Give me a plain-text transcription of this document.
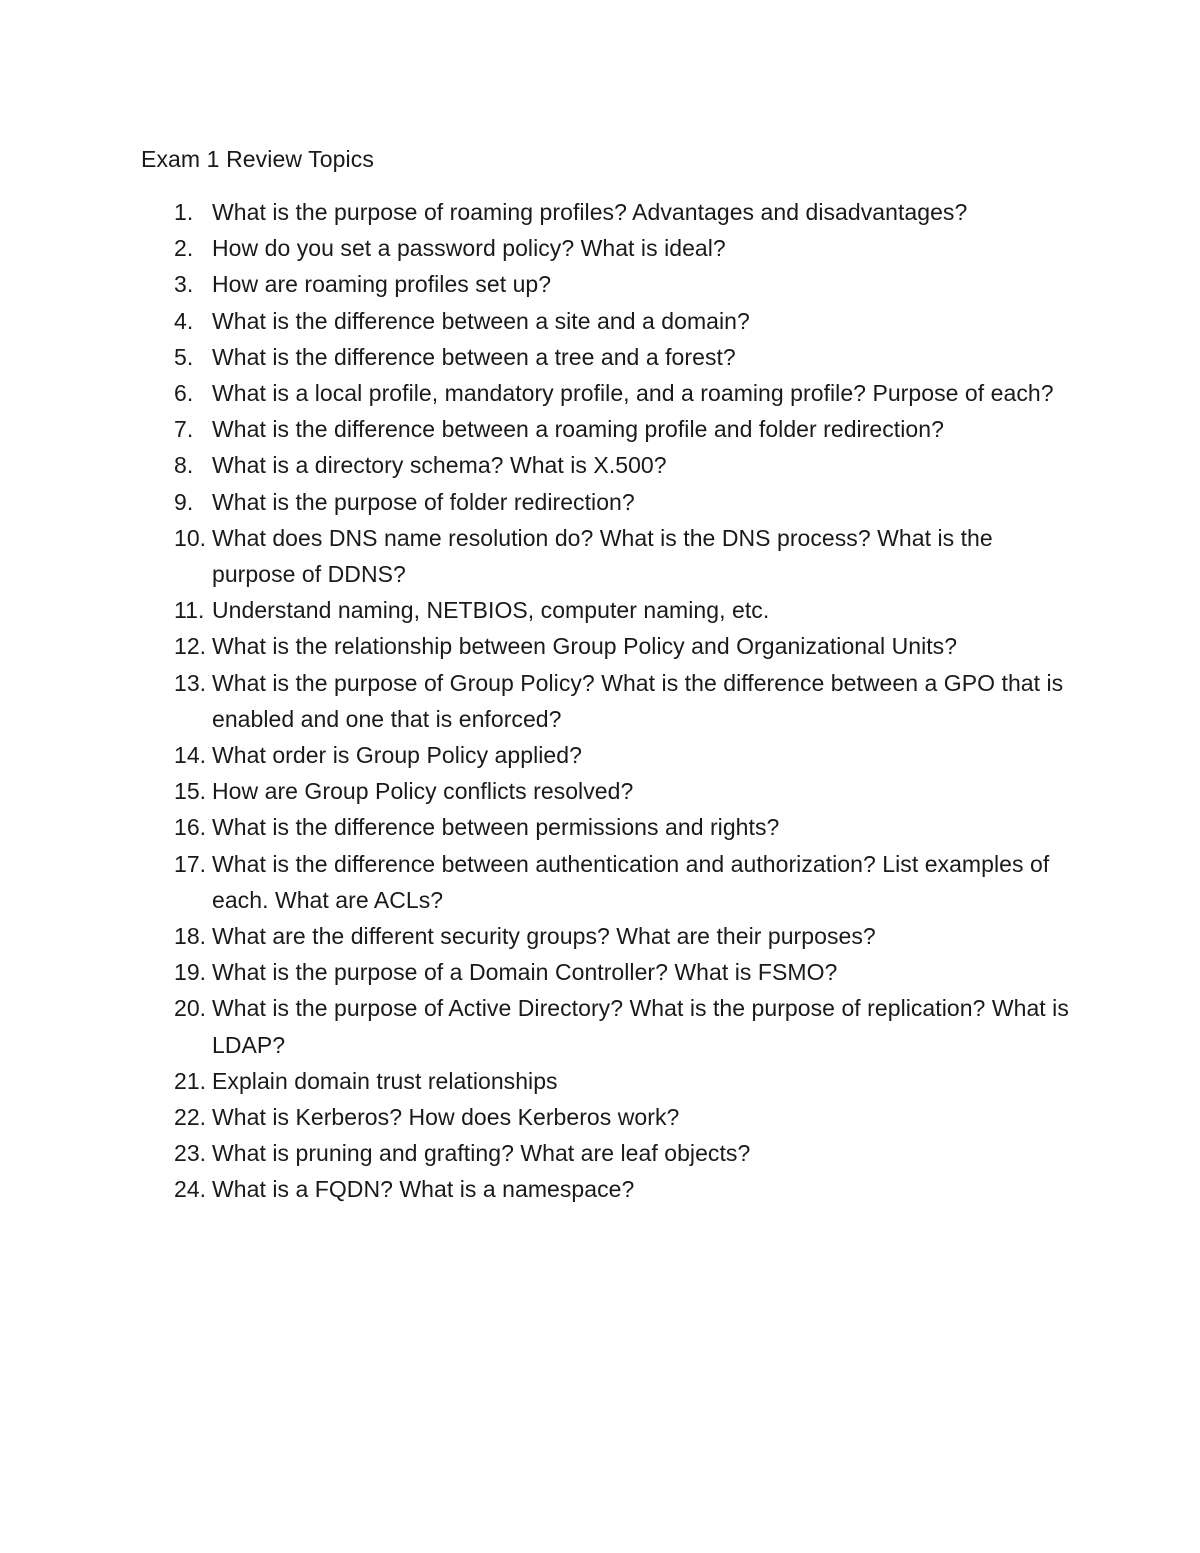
Exam 1 Review Topics
1. What is the purpose of roaming profiles? Advantages and disadvantages?
2. How do you set a password policy? What is ideal?
3. How are roaming profiles set up?
4. What is the difference between a site and a domain?
5. What is the difference between a tree and a forest?
6. What is a local profile, mandatory profile, and a roaming profile? Purpose of each?
7. What is the difference between a roaming profile and folder redirection?
8. What is a directory schema? What is X.500?
9. What is the purpose of folder redirection?
10. What does DNS name resolution do? What is the DNS process? What is the purpose of DDNS?
11. Understand naming, NETBIOS, computer naming, etc.
12. What is the relationship between Group Policy and Organizational Units?
13. What is the purpose of Group Policy? What is the difference between a GPO that is enabled and one that is enforced?
14. What order is Group Policy applied?
15. How are Group Policy conflicts resolved?
16. What is the difference between permissions and rights?
17. What is the difference between authentication and authorization? List examples of each. What are ACLs?
18. What are the different security groups? What are their purposes?
19. What is the purpose of a Domain Controller? What is FSMO?
20. What is the purpose of Active Directory? What is the purpose of replication? What is LDAP?
21. Explain domain trust relationships
22. What is Kerberos? How does Kerberos work?
23. What is pruning and grafting? What are leaf objects?
24. What is a FQDN? What is a namespace?
